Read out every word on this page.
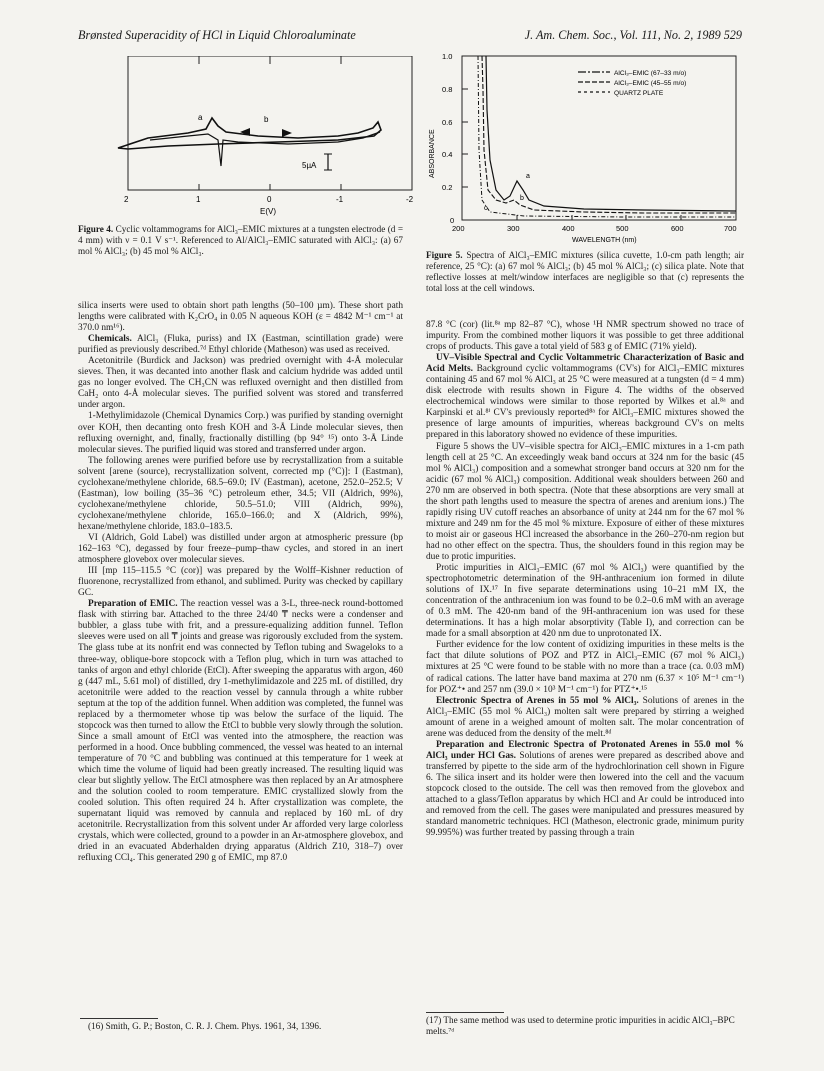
Brønsted Superacidity of HCl in Liquid Chloroaluminate	J. Am. Chem. Soc., Vol. 111, No. 2, 1989 529
a	b
5µA
2	1	0	-1	-2
E(V)
Figure 4. Cyclic voltammograms for AlCl₃–EMIC mixtures at a tungsten electrode (d = 4 mm) with ν = 0.1 V s⁻¹. Referenced to Al/AlCl₃–EMIC saturated with AlCl₃: (a) 67 mol % AlCl₃; (b) 45 mol % AlCl₃.
1.0
0.8
0.6
0.4
0.2
0
ABSORBANCE
200	300	400	500	600	700
WAVELENGTH (nm)
a
b
c
AlCl₃–EMIC (67–33 m/o)
AlCl₃–EMIC (45–55 m/o)
QUARTZ PLATE
Figure 5. Spectra of AlCl₃–EMIC mixtures (silica cuvette, 1.0-cm path length; air reference, 25 °C): (a) 67 mol % AlCl₃; (b) 45 mol % AlCl₃; (c) silica plate. Note that reflective losses at melt/window interfaces are negligible so that (c) represents the total loss at the cell windows.

silica inserts were used to obtain short path lengths (50–100 µm). These short path lengths were calibrated with K₂CrO₄ in 0.05 N aqueous KOH (ε = 4842 M⁻¹ cm⁻¹ at 370.0 nm¹⁶).

Chemicals. AlCl₃ (Fluka, puriss) and IX (Eastman, scintillation grade) were purified as previously described.⁷ᵈ Ethyl chloride (Matheson) was used as received.

Acetonitrile (Burdick and Jackson) was predried overnight with 4-Å molecular sieves. Then, it was decanted into another flask and calcium hydride was added until gas no longer evolved. The CH₃CN was refluxed overnight and then distilled from CaH₂ onto 4-Å molecular sieves. The purified solvent was stored and transferred under argon.

1-Methylimidazole (Chemical Dynamics Corp.) was purified by standing overnight over KOH, then decanting onto fresh KOH and 3-Å Linde molecular sieves, then refluxing overnight, and, finally, fractionally distilling (bp 94° ¹⁵) onto 3-Å Linde molecular sieves. The purified liquid was stored and transferred under argon.

The following arenes were purified before use by recrystallization from a suitable solvent [arene (source), recrystallization solvent, corrected mp (°C)]: I (Eastman), cyclohexane/methylene chloride, 68.5–69.0; IV (Eastman), acetone, 252.0–252.5; V (Eastman), low boiling (35–36 °C) petroleum ether, 34.5; VII (Aldrich, 99%), cyclohexane/methylene chloride, 50.5–51.0; VIII (Aldrich, 99%), cyclohexane/methylene chloride, 165.0–166.0; and X (Aldrich, 99%), hexane/methylene chloride, 183.0–183.5.

VI (Aldrich, Gold Label) was distilled under argon at atmospheric pressure (bp 162–163 °C), degassed by four freeze–pump–thaw cycles, and stored in an inert atmosphere glovebox over molecular sieves.

III [mp 115–115.5 °C (cor)] was prepared by the Wolff–Kishner reduction of fluorenone, recrystallized from ethanol, and sublimed. Purity was checked by capillary GC.

Preparation of EMIC. The reaction vessel was a 3-L, three-neck round-bottomed flask with stirring bar. Attached to the three 24/40 ₸ necks were a condenser and bubbler, a glass tube with frit, and a pressure-equalizing addition funnel. Teflon sleeves were used on all ₸ joints and grease was rigorously excluded from the system. The glass tube at its nonfrit end was connected by Teflon tubing and Swageloks to a three-way, oblique-bore stopcock with a Teflon plug, which in turn was attached to tanks of argon and ethyl chloride (EtCl). After sweeping the apparatus with argon, 460 g (447 mL, 5.61 mol) of distilled, dry 1-methylimidazole and 225 mL of distilled, dry acetonitrile were added to the reaction vessel by cannula through a white rubber septum at the top of the addition funnel. When addition was completed, the funnel was replaced by a thermometer whose tip was below the surface of the liquid. The stopcock was then turned to allow the EtCl to bubble very slowly through the solution. Since a small amount of EtCl was vented into the atmosphere, the reaction was performed in a hood. Once bubbling commenced, the vessel was heated to an internal temperature of 70 °C and bubbling was continued at this temperature for 1 week at which time the volume of liquid had been greatly increased. The resulting liquid was clear but slightly yellow. The EtCl atmosphere was then replaced by an Ar atmosphere and the solution cooled to room temperature. EMIC crystallized slowly from the cooled solution. This often required 24 h. After crystallization was complete, the supernatant liquid was removed by cannula and replaced by 160 mL of dry acetonitrile. Recrystallization from this solvent under Ar afforded very large colorless crystals, which were collected, ground to a powder in an Ar-atmosphere glovebox, and dried in an evacuated Abderhalden drying apparatus (Aldrich Z10, 318–7) over refluxing CCl₄. This generated 290 g of EMIC, mp 87.0

87.8 °C (cor) (lit.⁸ᵃ mp 82–87 °C), whose ¹H NMR spectrum showed no trace of impurity. From the combined mother liquors it was possible to get three additional crops of products. This gave a total yield of 583 g of EMIC (71% yield).

UV–Visible Spectral and Cyclic Voltammetric Characterization of Basic and Acid Melts. Background cyclic voltammograms (CV's) for AlCl₃–EMIC mixtures containing 45 and 67 mol % AlCl₃ at 25 °C were measured at a tungsten (d = 4 mm) disk electrode with results shown in Figure 4. The widths of the observed electrochemical windows were similar to those reported by Wilkes et al.⁸ᵃ and Karpinski et al.⁸ⁱ CV's previously reported⁸ᵃ for AlCl₃–EMIC mixtures showed the presence of large amounts of impurities, whereas background CV's on melts prepared in this laboratory showed no evidence of these impurities.

Figure 5 shows the UV–visible spectra for AlCl₃–EMIC mixtures in a 1-cm path length cell at 25 °C. An exceedingly weak band occurs at 324 nm for the basic (45 mol % AlCl₃) composition and a somewhat stronger band occurs at 320 nm for the acidic (67 mol % AlCl₃) composition. Additional weak shoulders between 260 and 270 nm are observed in both spectra. (Note that these absorptions are very small at the short path lengths used to measure the spectra of arenes and arenium ions.) The rapidly rising UV cutoff reaches an absorbance of unity at 244 nm for the 67 mol % mixture and 249 nm for the 45 mol % mixture. Exposure of either of these mixtures to moist air or gaseous HCl increased the absorbance in the 260–270-nm region but had no other effect on the spectra. Thus, the shoulders found in this region may be due to protic impurities.

Protic impurities in AlCl₃–EMIC (67 mol % AlCl₃) were quantified by the spectrophotometric determination of the 9H-anthracenium ion formed in dilute solutions of IX.¹⁷ In five separate determinations using 10–21 mM IX, the concentration of the anthracenium ion was found to be 0.2–0.6 mM with an average of 0.3 mM. The 420-nm band of the 9H-anthracenium ion was used for these determinations. It has a high molar absorptivity (Table I), and correction can be made for a small absorption at 420 nm due to unprotonated IX.

Further evidence for the low content of oxidizing impurities in these melts is the fact that dilute solutions of POZ and PTZ in AlCl₃–EMIC (67 mol % AlCl₃) mixtures at 25 °C were found to be stable with no more than a trace (ca. 0.03 mM) of radical cations. The latter have band maxima at 270 nm (6.37 × 10⁵ M⁻¹ cm⁻¹) for POZ⁺• and 257 nm (39.0 × 10³ M⁻¹ cm⁻¹) for PTZ⁺•.¹⁵

Electronic Spectra of Arenes in 55 mol % AlCl₃. Solutions of arenes in the AlCl₃–EMIC (55 mol % AlCl₃) molten salt were prepared by stirring a weighed amount of arene in a weighed amount of molten salt. The molar concentration of arene was deduced from the density of the melt.⁸ᵈ

Preparation and Electronic Spectra of Protonated Arenes in 55.0 mol % AlCl₃ under HCl Gas. Solutions of arenes were prepared as described above and transferred by pipette to the side arm of the hydrochlorination cell shown in Figure 6. The silica insert and its holder were then lowered into the cell and the vacuum stopcock closed to the outside. The cell was then removed from the glovebox and attached to a glass/Teflon apparatus by which HCl and Ar could be introduced into and removed from the cell. The gases were manipulated and pressures measured by standard manometric techniques. HCl (Matheson, electronic grade, minimum purity 99.995%) was further treated by passing through a train

(16) Smith, G. P.; Boston, C. R. J. Chem. Phys. 1961, 34, 1396.
(17) The same method was used to determine protic impurities in acidic AlCl₃–BPC melts.⁷ᵈ
